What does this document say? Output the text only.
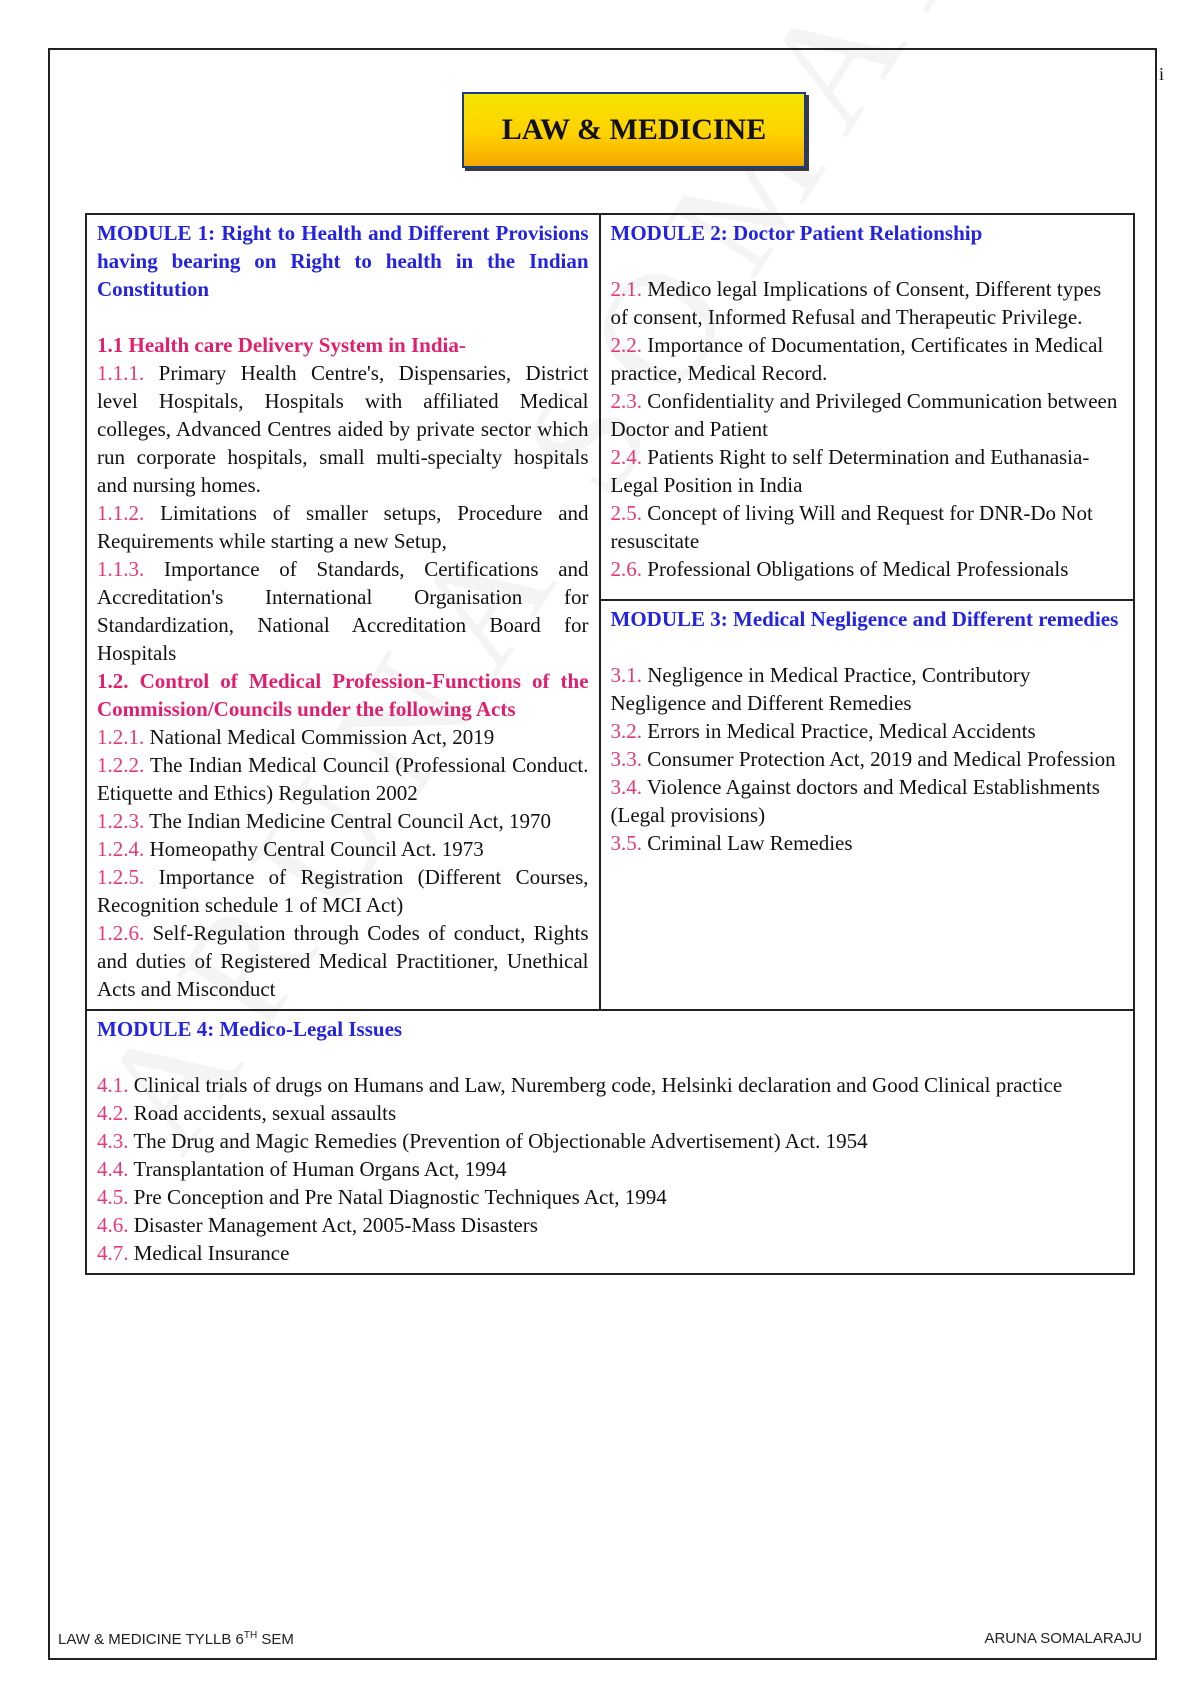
i
LAW & MEDICINE
MODULE 1: Right to Health and Different Provisions having bearing on Right to health in the Indian Constitution
1.1 Health care Delivery System in India-
1.1.1. Primary Health Centre's, Dispensaries, District level Hospitals, Hospitals with affiliated Medical colleges, Advanced Centres aided by private sector which run corporate hospitals, small multi-specialty hospitals and nursing homes.
1.1.2. Limitations of smaller setups, Procedure and Requirements while starting a new Setup,
1.1.3. Importance of Standards, Certifications and Accreditation's International Organisation for Standardization, National Accreditation Board for Hospitals
1.2. Control of Medical Profession-Functions of the Commission/Councils under the following Acts
1.2.1. National Medical Commission Act, 2019
1.2.2. The Indian Medical Council (Professional Conduct. Etiquette and Ethics) Regulation 2002
1.2.3. The Indian Medicine Central Council Act, 1970
1.2.4. Homeopathy Central Council Act. 1973
1.2.5. Importance of Registration (Different Courses, Recognition schedule 1 of MCI Act)
1.2.6. Self-Regulation through Codes of conduct, Rights and duties of Registered Medical Practitioner, Unethical Acts and Misconduct

MODULE 2: Doctor Patient Relationship
2.1. Medico legal Implications of Consent, Different types of consent, Informed Refusal and Therapeutic Privilege.
2.2. Importance of Documentation, Certificates in Medical practice, Medical Record.
2.3. Confidentiality and Privileged Communication between Doctor and Patient
2.4. Patients Right to self Determination and Euthanasia- Legal Position in India
2.5. Concept of living Will and Request for DNR-Do Not resuscitate
2.6. Professional Obligations of Medical Professionals

MODULE 3: Medical Negligence and Different remedies
3.1. Negligence in Medical Practice, Contributory Negligence and Different Remedies
3.2. Errors in Medical Practice, Medical Accidents
3.3. Consumer Protection Act, 2019 and Medical Profession
3.4. Violence Against doctors and Medical Establishments (Legal provisions)
3.5. Criminal Law Remedies

MODULE 4: Medico-Legal Issues
4.1. Clinical trials of drugs on Humans and Law, Nuremberg code, Helsinki declaration and Good Clinical practice
4.2. Road accidents, sexual assaults
4.3. The Drug and Magic Remedies (Prevention of Objectionable Advertisement) Act. 1954
4.4. Transplantation of Human Organs Act, 1994
4.5. Pre Conception and Pre Natal Diagnostic Techniques Act, 1994
4.6. Disaster Management Act, 2005-Mass Disasters
4.7. Medical Insurance
LAW & MEDICINE TYLLB 6TH SEM	ARUNA SOMALARAJU
